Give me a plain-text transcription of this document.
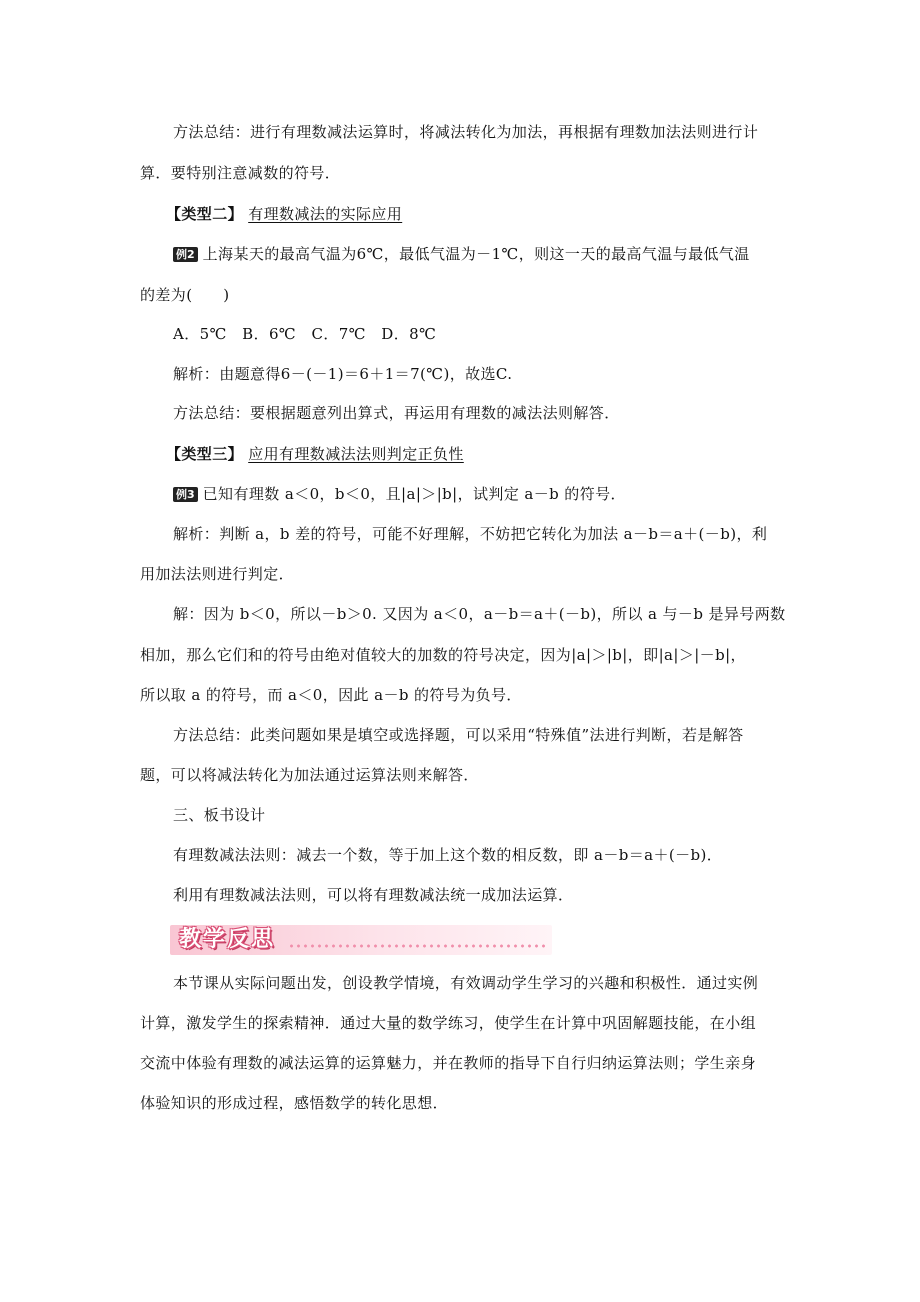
方法总结：进行有理数减法运算时，将减法转化为加法，再根据有理数加法法则进行计
算．要特别注意减数的符号．
【类型二】 有理数减法的实际应用
例2 上海某天的最高气温为6℃，最低气温为－1℃，则这一天的最高气温与最低气温
的差为(　　)
A．5℃　B．6℃　C．7℃　D．8℃
解析：由题意得6－(－1)＝6＋1＝7(℃)，故选C.
方法总结：要根据题意列出算式，再运用有理数的减法法则解答．
【类型三】 应用有理数减法法则判定正负性
例3 已知有理数 a＜0，b＜0，且|a|＞|b|，试判定 a－b 的符号．
解析：判断 a，b 差的符号，可能不好理解，不妨把它转化为加法 a－b＝a＋(－b)，利
用加法法则进行判定．
解：因为 b＜0，所以－b＞0. 又因为 a＜0，a－b＝a＋(－b)，所以 a 与－b 是异号两数
相加，那么它们和的符号由绝对值较大的加数的符号决定，因为|a|＞|b|，即|a|＞|－b|，
所以取 a 的符号，而 a＜0，因此 a－b 的符号为负号．
方法总结：此类问题如果是填空或选择题，可以采用“特殊值”法进行判断，若是解答
题，可以将减法转化为加法通过运算法则来解答．
三、板书设计
有理数减法法则：减去一个数，等于加上这个数的相反数，即 a－b＝a＋(－b)．
利用有理数减法法则，可以将有理数减法统一成加法运算．
教学反思
本节课从实际问题出发，创设教学情境，有效调动学生学习的兴趣和积极性．通过实例
计算，激发学生的探索精神．通过大量的数学练习，使学生在计算中巩固解题技能，在小组
交流中体验有理数的减法运算的运算魅力，并在教师的指导下自行归纳运算法则；学生亲身
体验知识的形成过程，感悟数学的转化思想．
